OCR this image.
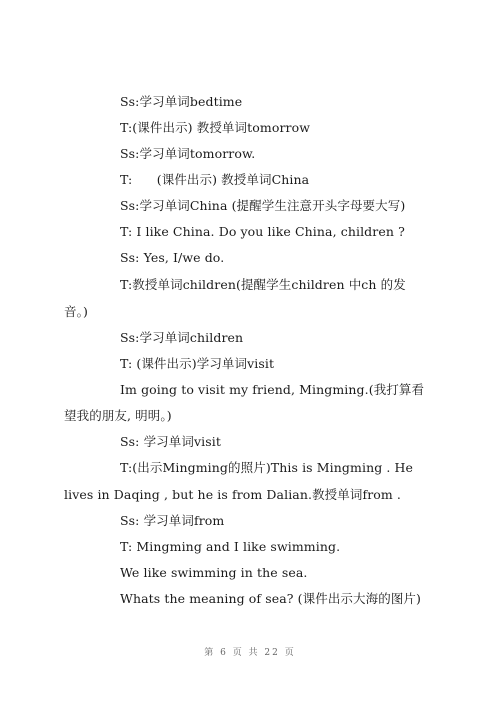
Ss:学习单词bedtime
T:(课件出示) 教授单词tomorrow
Ss:学习单词tomorrow.
T:      (课件出示) 教授单词China
Ss:学习单词China (提醒学生注意开头字母要大写)
T: I like China. Do you like China, children ?
Ss: Yes, I/we do.
T:教授单词children(提醒学生children 中ch 的发
音。)
Ss:学习单词children
T: (课件出示)学习单词visit
Im going to visit my friend, Mingming.(我打算看
望我的朋友, 明明。)
Ss: 学习单词visit
T:(出示Mingming的照片)This is Mingming . He
lives in Daqing , but he is from Dalian.教授单词from .
Ss: 学习单词from
T: Mingming and I like swimming.
We like swimming in the sea.
Whats the meaning of sea? (课件出示大海的图片)
第 6 页 共 22 页
